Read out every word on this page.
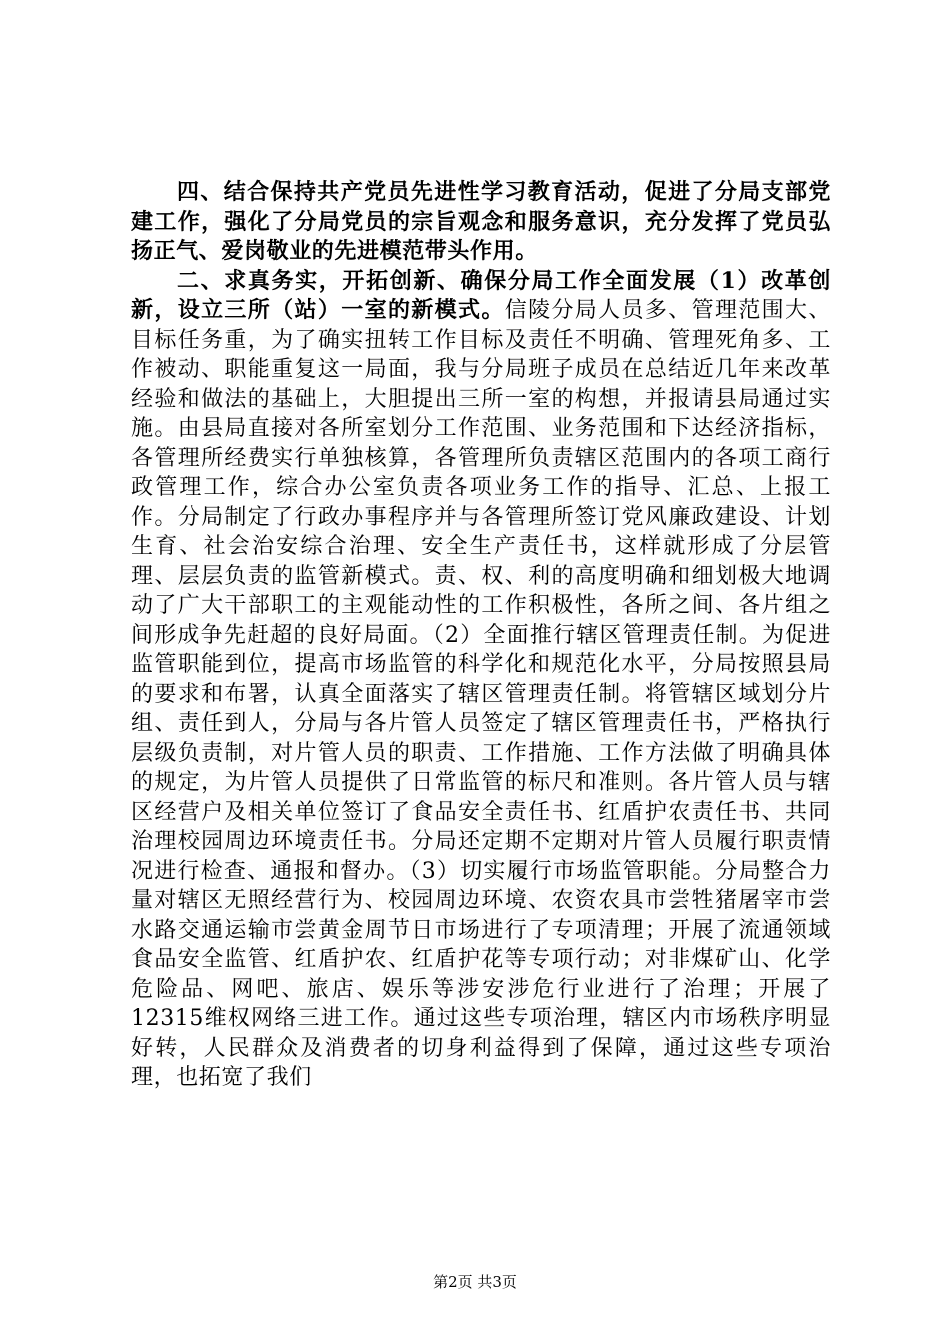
四、结合保持共产党员先进性学习教育活动，促进了分局支部党建工作，强化了分局党员的宗旨观念和服务意识，充分发挥了党员弘扬正气、爱岗敬业的先进模范带头作用。

二、求真务实，开拓创新、确保分局工作全面发展（1）改革创新，设立三所（站）一室的新模式。信陵分局人员多、管理范围大、目标任务重，为了确实扭转工作目标及责任不明确、管理死角多、工作被动、职能重复这一局面，我与分局班子成员在总结近几年来改革经验和做法的基础上，大胆提出三所一室的构想，并报请县局通过实施。由县局直接对各所室划分工作范围、业务范围和下达经济指标，各管理所经费实行单独核算，各管理所负责辖区范围内的各项工商行政管理工作，综合办公室负责各项业务工作的指导、汇总、上报工作。分局制定了行政办事程序并与各管理所签订党风廉政建设、计划生育、社会治安综合治理、安全生产责任书，这样就形成了分层管理、层层负责的监管新模式。责、权、利的高度明确和细划极大地调动了广大干部职工的主观能动性的工作积极性，各所之间、各片组之间形成争先赶超的良好局面。（2）全面推行辖区管理责任制。为促进监管职能到位，提高市场监管的科学化和规范化水平，分局按照县局的要求和布署，认真全面落实了辖区管理责任制。将管辖区域划分片组、责任到人，分局与各片管人员签定了辖区管理责任书，严格执行层级负责制，对片管人员的职责、工作措施、工作方法做了明确具体的规定，为片管人员提供了日常监管的标尺和准则。各片管人员与辖区经营户及相关单位签订了食品安全责任书、红盾护农责任书、共同治理校园周边环境责任书。分局还定期不定期对片管人员履行职责情况进行检查、通报和督办。（3）切实履行市场监管职能。分局整合力量对辖区无照经营行为、校园周边环境、农资农具市尝牲猪屠宰市尝水路交通运输市尝黄金周节日市场进行了专项清理；开展了流通领域食品安全监管、红盾护农、红盾护花等专项行动；对非煤矿山、化学危险品、网吧、旅店、娱乐等涉安涉危行业进行了治理；开展了12315维权网络三进工作。通过这些专项治理，辖区内市场秩序明显好转，人民群众及消费者的切身利益得到了保障，通过这些专项治理，也拓宽了我们

第2页 共3页
